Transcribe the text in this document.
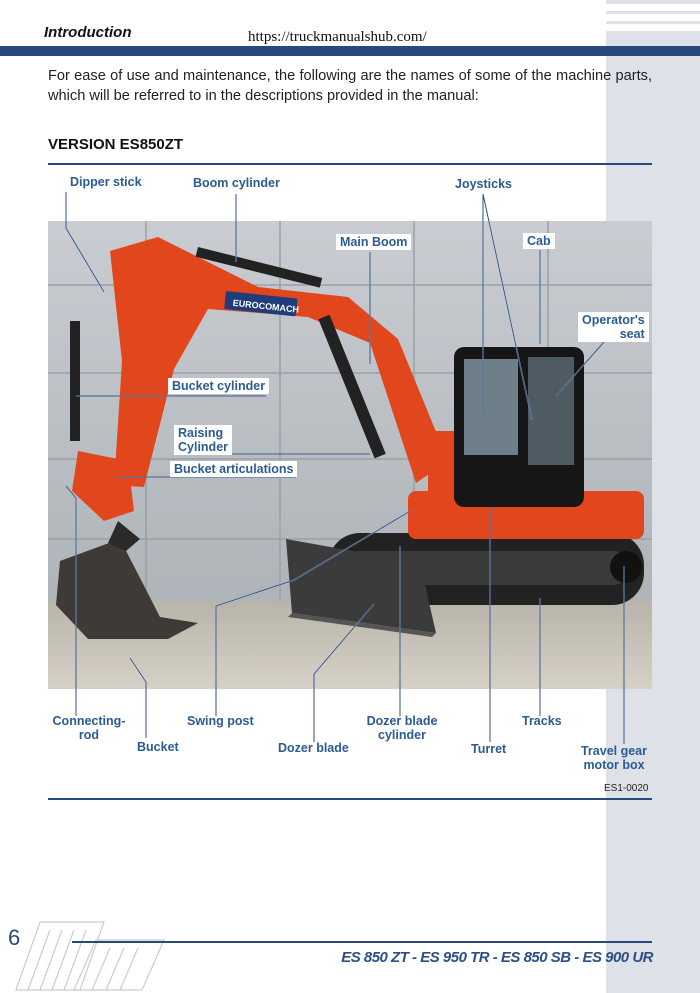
Introduction	https://truckmanualshub.com/
For ease of use and maintenance, the following are the names of some of the machine parts, which will be referred to in the descriptions provided in the manual:
VERSION ES850ZT
EUROCOMACH
Dipper stick	Boom cylinder	Joysticks
Main Boom	Cab
Operator's
seat
Bucket cylinder
Raising
Cylinder
Bucket articulations
Connecting-
rod
Bucket
Swing post
Dozer blade
Dozer blade
cylinder
Turret
Tracks
Travel gear
motor box
ES1-0020
6
ES 850 ZT - ES 950 TR - ES 850 SB - ES 900 UR
